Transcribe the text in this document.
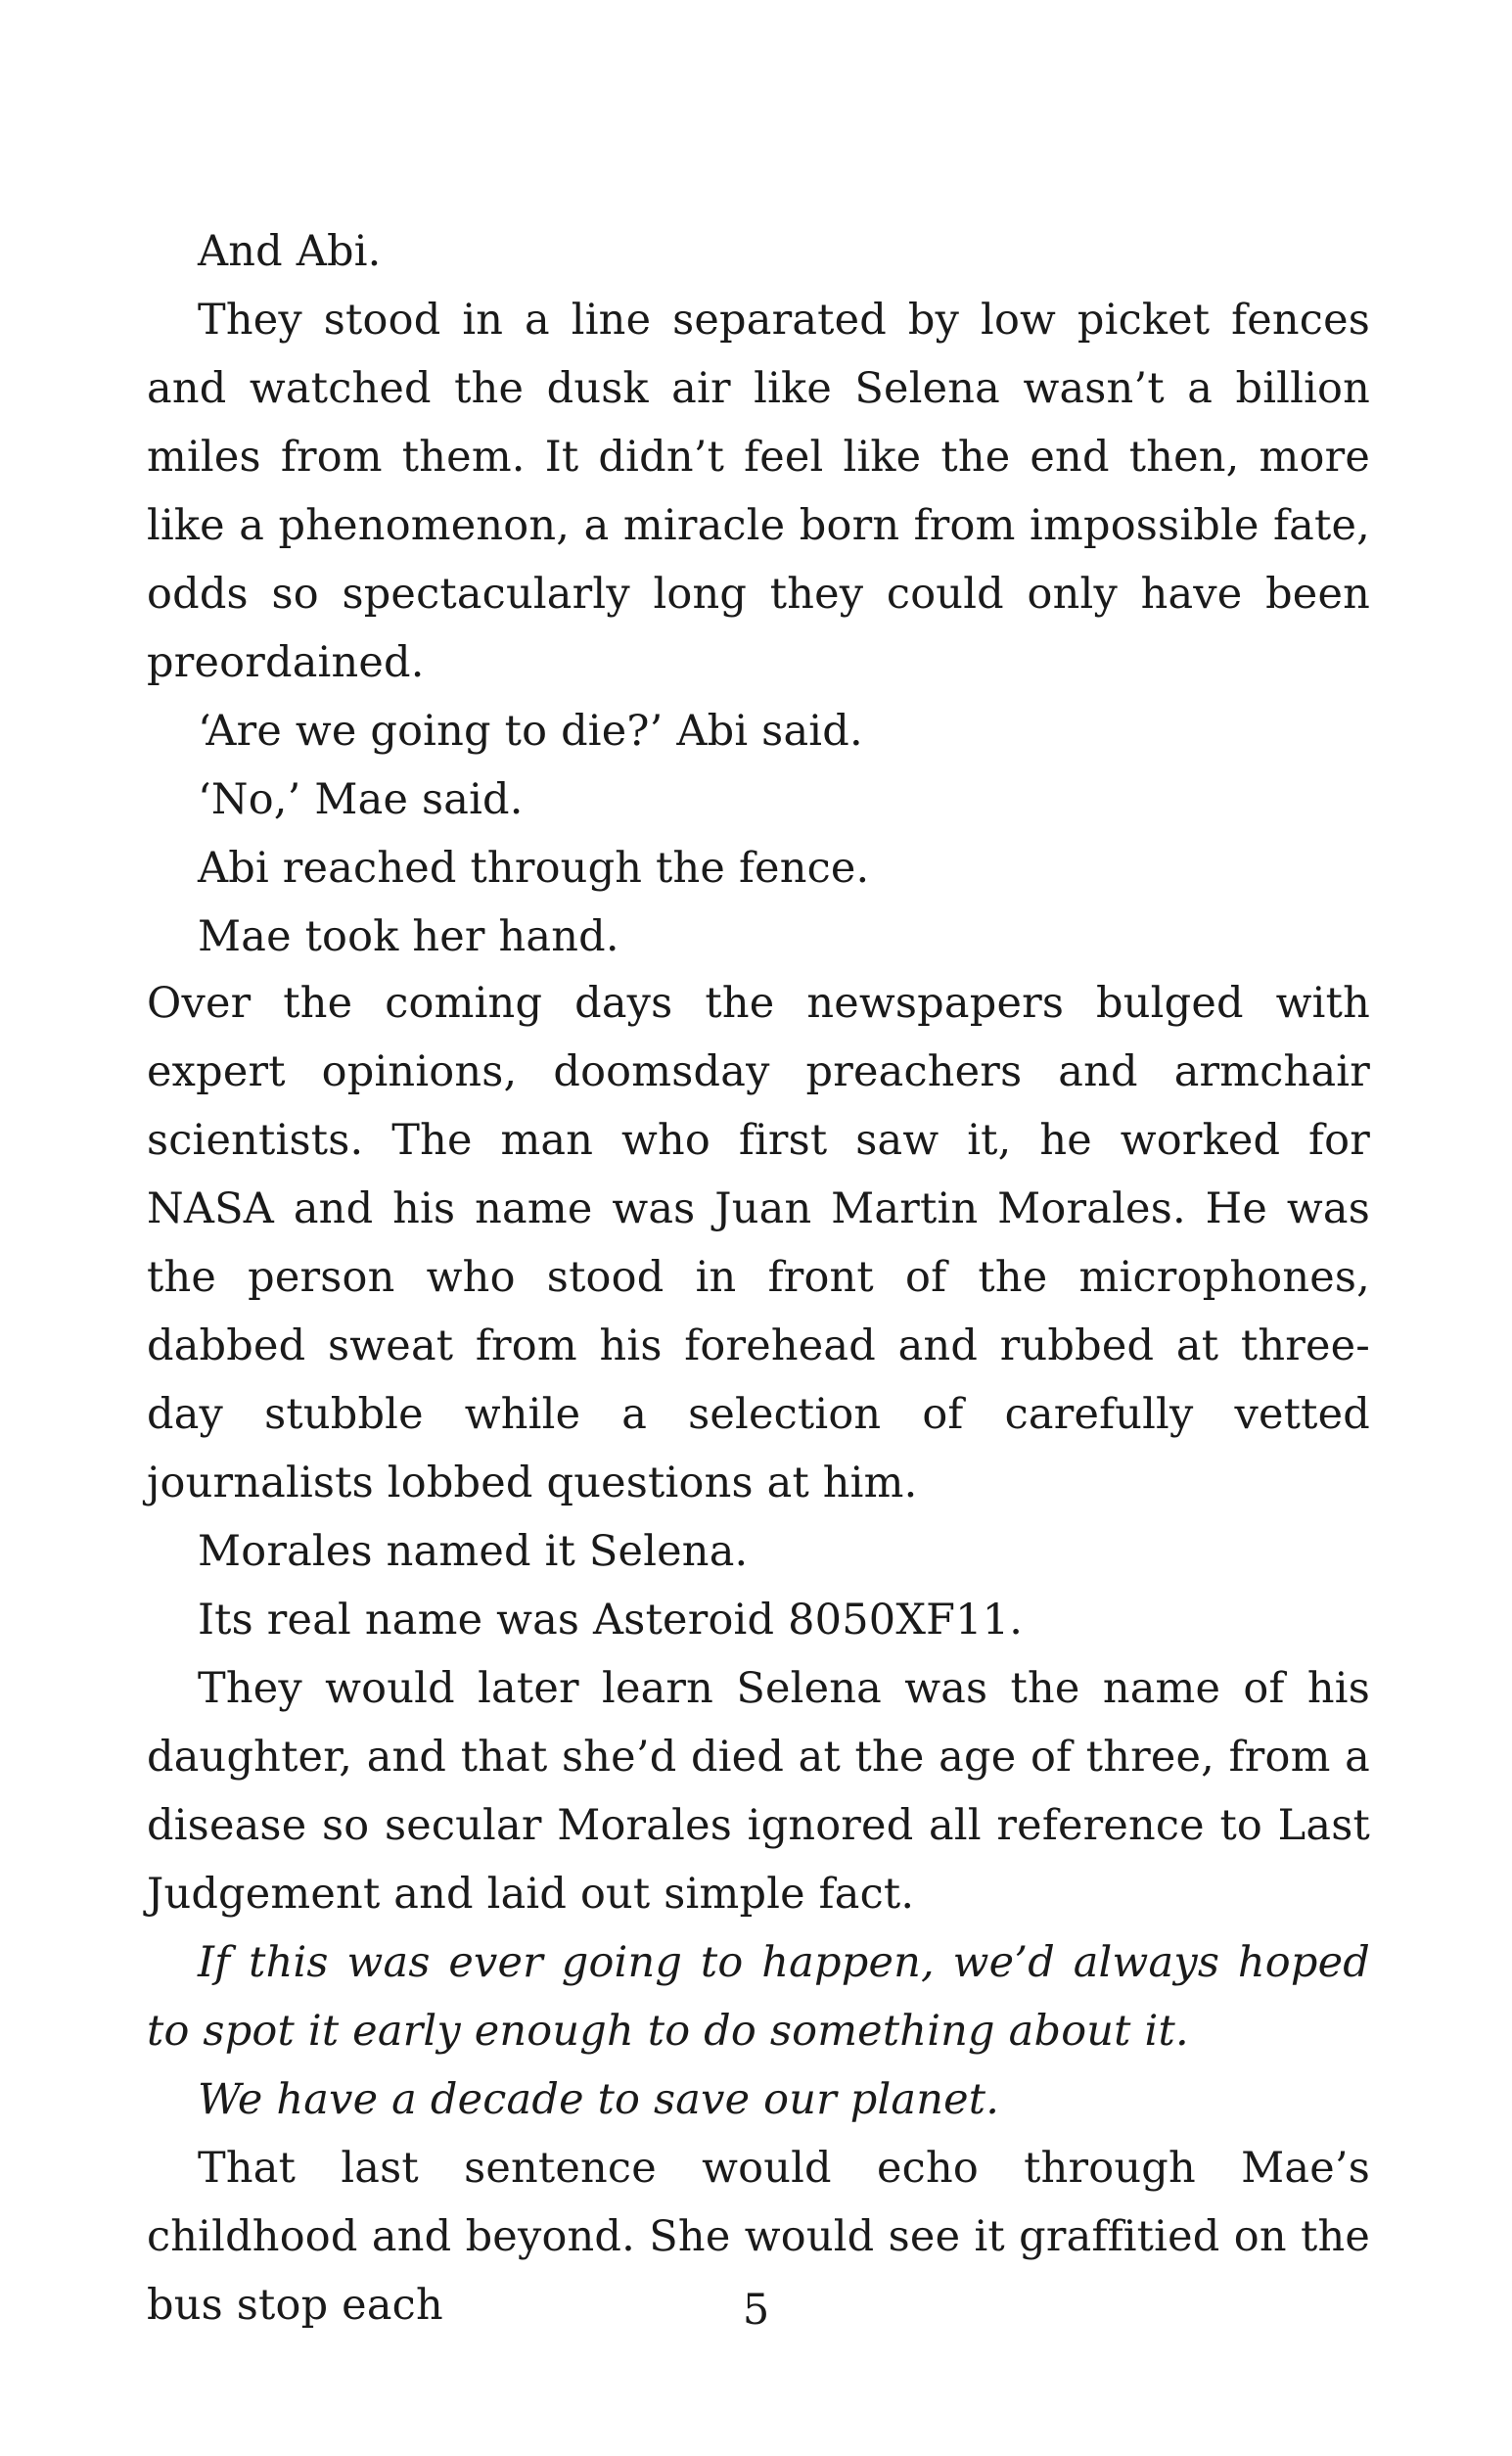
And Abi.

They stood in a line separated by low picket fences and watched the dusk air like Selena wasn’t a billion miles from them. It didn’t feel like the end then, more like a phenomenon, a miracle born from impossible fate, odds so spectacularly long they could only have been preordained.

‘Are we going to die?’ Abi said.

‘No,’ Mae said.

Abi reached through the fence.

Mae took her hand.

Over the coming days the newspapers bulged with expert opinions, doomsday preachers and armchair scientists. The man who first saw it, he worked for NASA and his name was Juan Martin Morales. He was the person who stood in front of the microphones, dabbed sweat from his forehead and rubbed at three-day stubble while a selection of carefully vetted journalists lobbed questions at him.

Morales named it Selena.

Its real name was Asteroid 8050XF11.

They would later learn Selena was the name of his daughter, and that she’d died at the age of three, from a disease so secular Morales ignored all reference to Last Judgement and laid out simple fact.

If this was ever going to happen, we’d always hoped to spot it early enough to do something about it.

We have a decade to save our planet.

That last sentence would echo through Mae’s childhood and beyond. She would see it graffitied on the bus stop each	5
